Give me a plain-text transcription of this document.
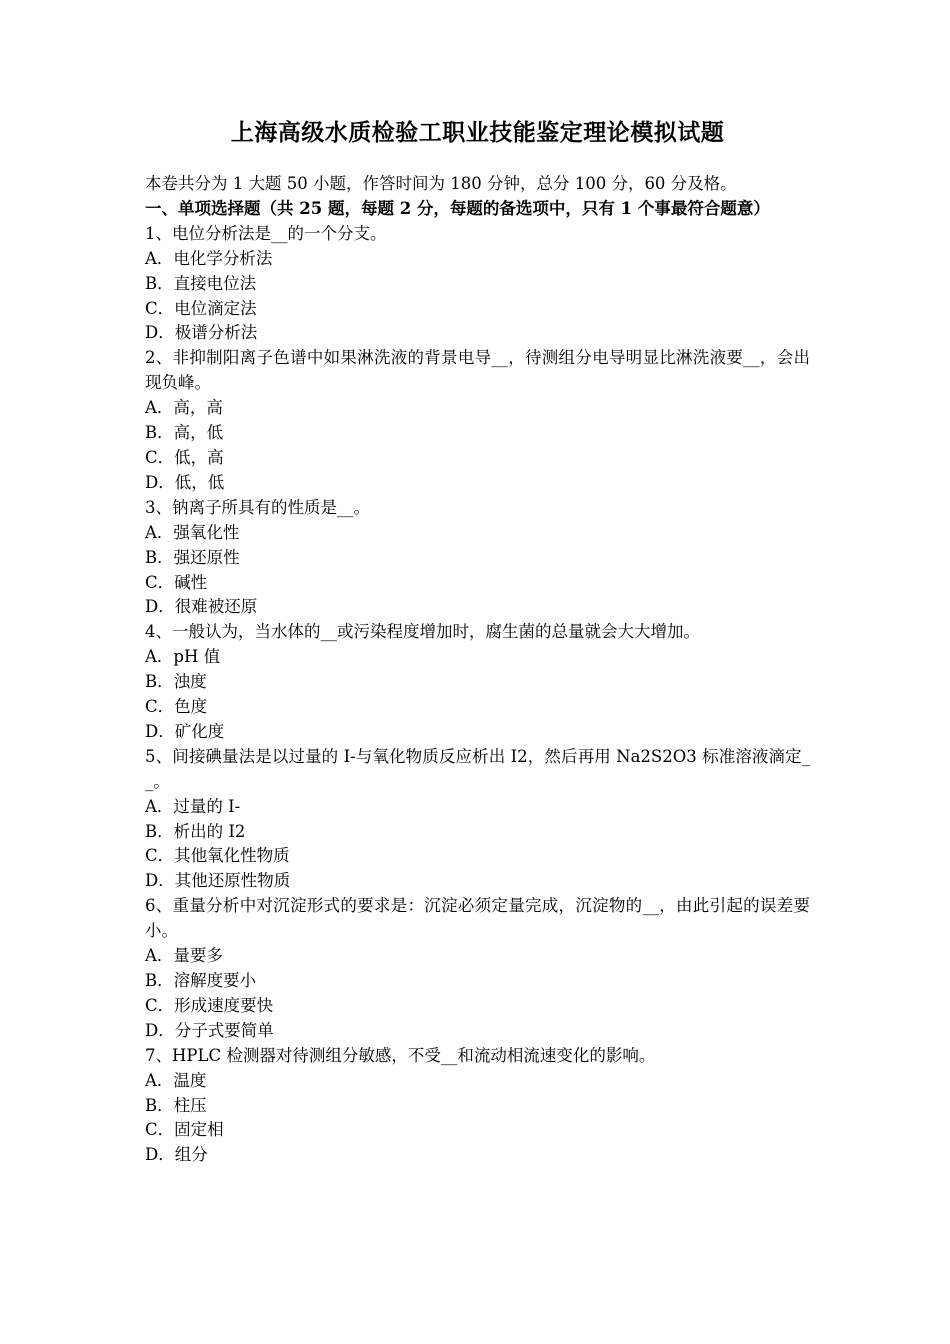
上海高级水质检验工职业技能鉴定理论模拟试题
本卷共分为 1 大题 50 小题，作答时间为 180 分钟，总分 100 分，60 分及格。
一、单项选择题（共 25 题，每题 2 分，每题的备选项中，只有 1 个事最符合题意）
1、电位分析法是__的一个分支。
A．电化学分析法
B．直接电位法
C．电位滴定法
D．极谱分析法
2、非抑制阳离子色谱中如果淋洗液的背景电导__，待测组分电导明显比淋洗液要__，会出现负峰。
A．高，高
B．高，低
C．低，高
D．低，低
3、钠离子所具有的性质是__。
A．强氧化性
B．强还原性
C．碱性
D．很难被还原
4、一般认为，当水体的__或污染程度增加时，腐生菌的总量就会大大增加。
A．pH 值
B．浊度
C．色度
D．矿化度
5、间接碘量法是以过量的 I-与氧化物质反应析出 I2，然后再用 Na2S2O3 标准溶液滴定__。
A．过量的 I-
B．析出的 I2
C．其他氧化性物质
D．其他还原性物质
6、重量分析中对沉淀形式的要求是：沉淀必须定量完成，沉淀物的__，由此引起的误差要小。
A．量要多
B．溶解度要小
C．形成速度要快
D．分子式要简单
7、HPLC 检测器对待测组分敏感，不受__和流动相流速变化的影响。
A．温度
B．柱压
C．固定相
D．组分
